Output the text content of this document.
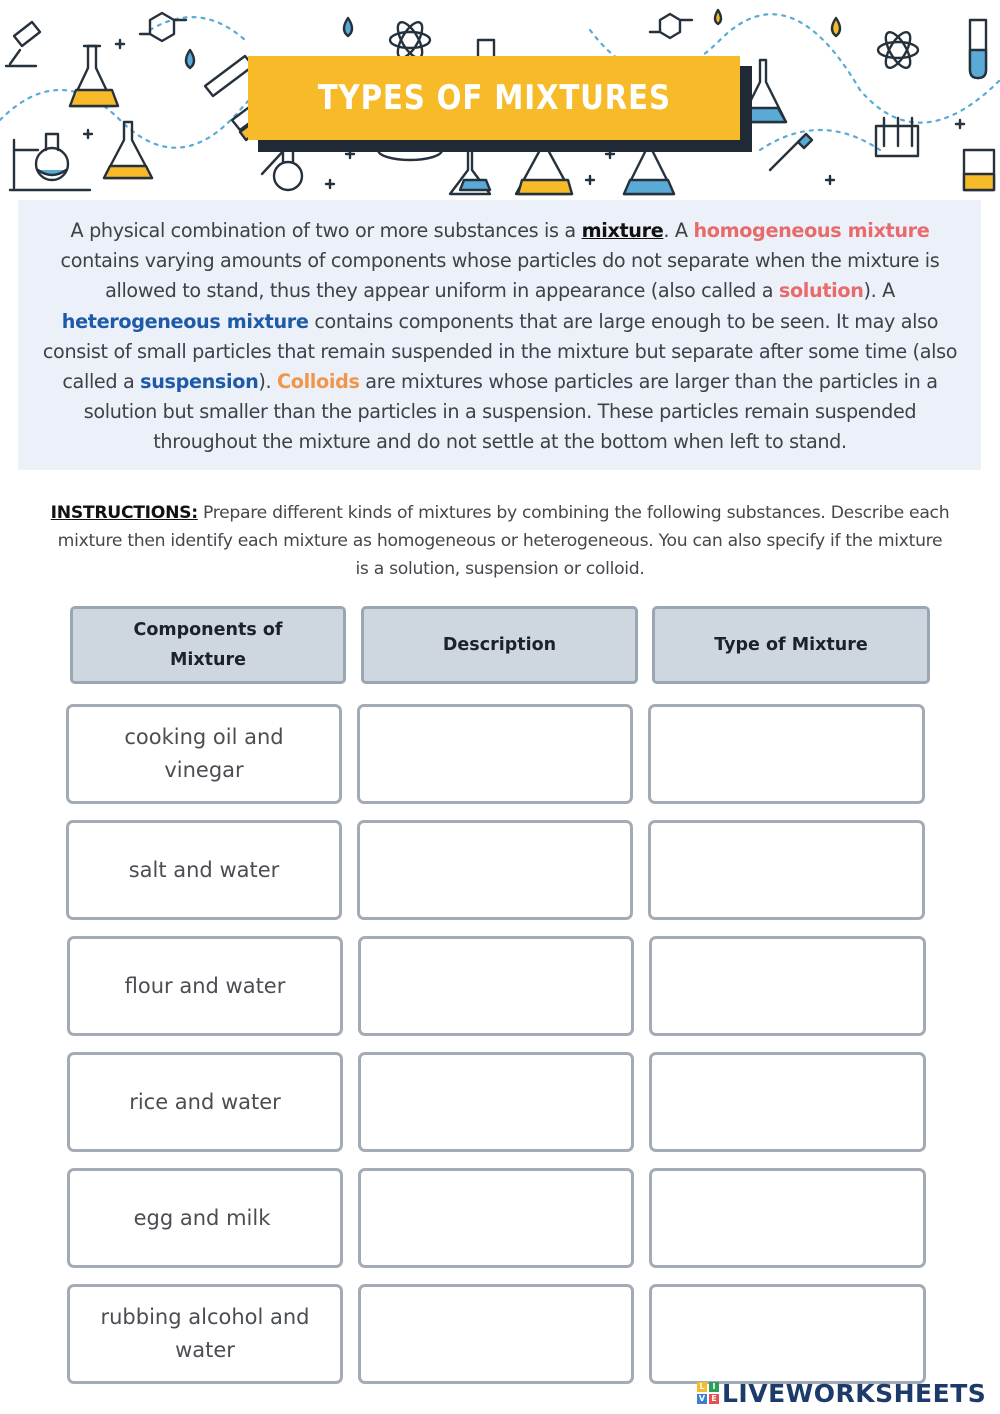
TYPES OF MIXTURES

A physical combination of two or more substances is a mixture. A homogeneous mixture contains varying amounts of components whose particles do not separate when the mixture is allowed to stand, thus they appear uniform in appearance (also called a solution). A heterogeneous mixture contains components that are large enough to be seen. It may also consist of small particles that remain suspended in the mixture but separate after some time (also called a suspension). Colloids are mixtures whose particles are larger than the particles in a solution but smaller than the particles in a suspension. These particles remain suspended throughout the mixture and do not settle at the bottom when left to stand.

INSTRUCTIONS: Prepare different kinds of mixtures by combining the following substances. Describe each mixture then identify each mixture as homogeneous or heterogeneous. You can also specify if the mixture is a solution, suspension or colloid.
Components of Mixture
Description	Type of Mixture
cooking oil and vinegar
salt and water
flour and water
rice and water
egg and milk
rubbing alcohol and water
L I
V E LIVEWORKSHEETS
